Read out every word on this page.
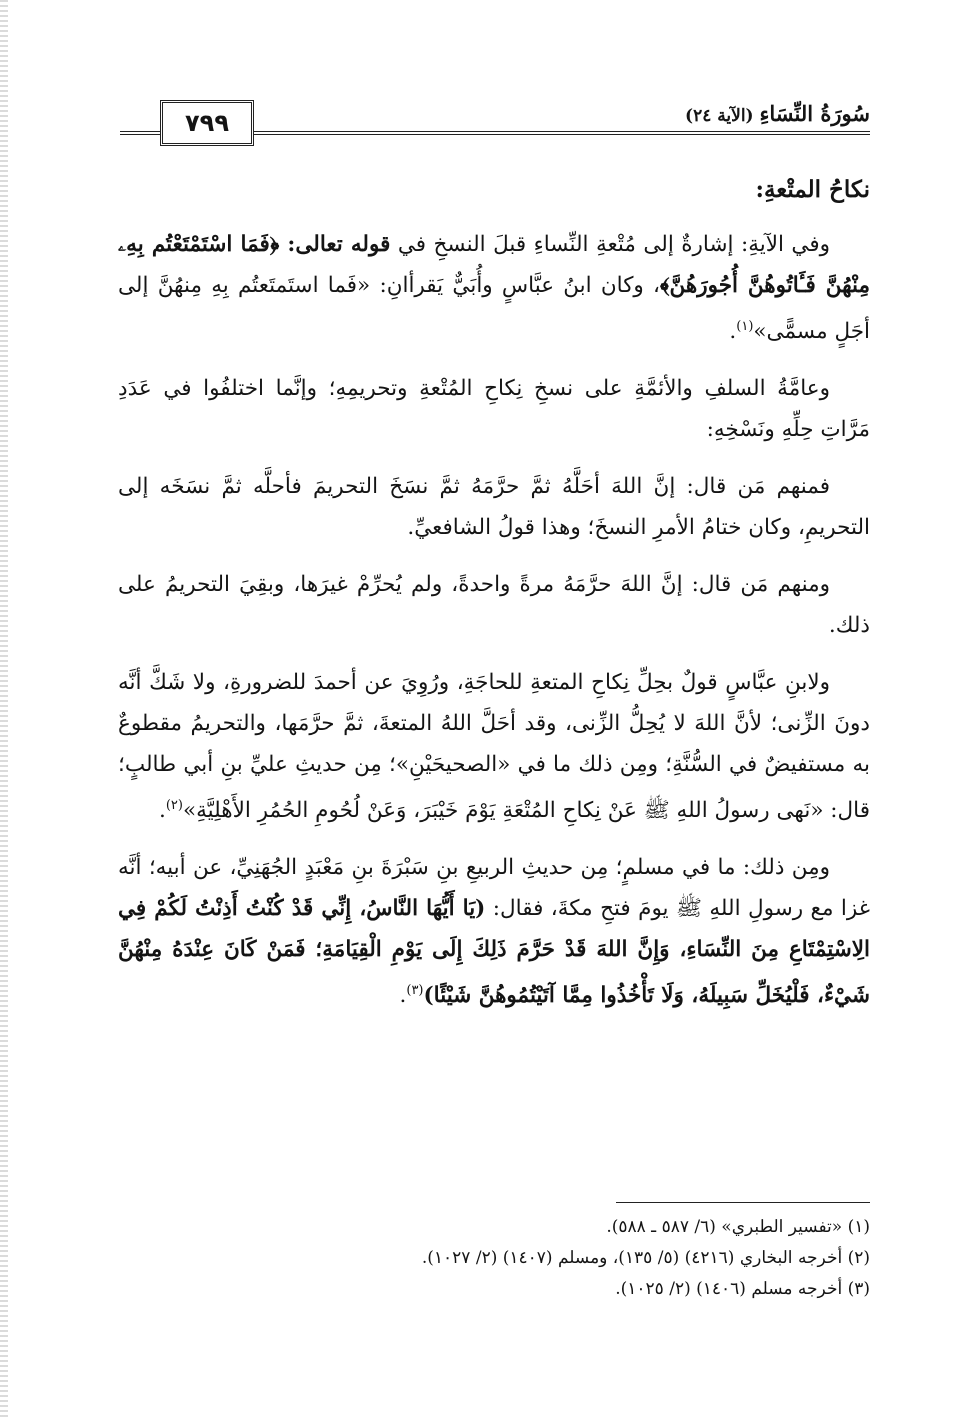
٧٩٩	سُورَةُ النِّسَاءِ (الآية ٢٤)
نكاحُ المتْعةِ:

وفي الآيةِ: إشارةٌ إلى مُتْعةِ النِّساءِ قبلَ النسخِ في قوله تعالى: ﴿فَمَا اسْتَمْتَعْتُم بِهِۦ مِنْهُنَّ فَـَٔاتُوهُنَّ أُجُورَهُنَّ﴾، وكان ابنُ عبَّاسٍ وأُبَيٌّ يَقرأانِ: «فَما استَمتَعتُم بِهِ مِنهُنَّ إلى أجَلٍ مسمًّى»$^{(١)}$.

وعامَّةُ السلفِ والأئمَّةِ على نسخِ نِكاحِ المُتْعةِ وتحريمِهِ؛ وإنَّما اختلفُوا في عَدَدِ مَرَّاتِ حِلِّهِ ونَسْخِهِ:

فمنهم مَن قال: إنَّ اللهَ أحَلَّهُ ثمَّ حرَّمَهُ ثمَّ نسَخَ التحريمَ فأحلَّه ثمَّ نسَخَه إلى التحريمِ، وكان ختامُ الأمرِ النسخَ؛ وهذا قولُ الشافعيِّ.

ومنهم مَن قال: إنَّ اللهَ حرَّمَهُ مرةً واحدةً، ولم يُحرِّمْ غيرَها، وبقِيَ التحريمُ على ذلك.

ولابنِ عبَّاسٍ قولٌ بحِلِّ نِكاحِ المتعةِ للحاجَةِ، ورُوِيَ عن أحمدَ للضرورةِ، ولا شَكَّ أنَّه دونَ الزِّنى؛ لأنَّ اللهَ لا يُحِلُّ الزِّنى، وقد أحَلَّ اللهُ المتعةَ، ثمَّ حرَّمَها، والتحريمُ مقطوعٌ به مستفيضٌ في السُّنَّةِ؛ ومِن ذلك ما في «الصحيحَيْنِ»؛ مِن حديثِ عليِّ بنِ أبي طالبٍ؛ قال: «نَهى رسولُ اللهِ ﷺ عَنْ نِكاحِ المُتْعَةِ يَوْمَ خَيْبَرَ، وَعَنْ لُحُومِ الحُمُرِ الأَهْلِيَّةِ»$^{(٢)}$.

ومِن ذلك: ما في مسلمٍ؛ مِن حديثِ الربيعِ بنِ سَبْرَةَ بنِ مَعْبَدٍ الجُهَنِيِّ، عن أبيه؛ أنَّه غزا مع رسولِ اللهِ ﷺ يومَ فتحِ مكةَ، فقال: (يَا أَيُّهَا النَّاسُ، إِنِّي قَدْ كُنْتُ أَذِنْتُ لَكُمْ فِي الِاسْتِمْتَاعِ مِنَ النِّسَاءِ، وَإِنَّ اللهَ قَدْ حَرَّمَ ذَلِكَ إِلَى يَوْمِ الْقِيَامَةِ؛ فَمَنْ كَانَ عِنْدَهُ مِنْهُنَّ شَيْءٌ، فَلْيُخَلِّ سَبِيلَهُ، وَلَا تَأْخُذُوا مِمَّا آتَيْتُمُوهُنَّ شَيْئًا)$^{(٣)}$.

(١) «تفسير الطبري» (٦/ ٥٨٧ ـ ٥٨٨).
(٢) أخرجه البخاري (٤٢١٦) (٥/ ١٣٥)، ومسلم (١٤٠٧) (٢/ ١٠٢٧).
(٣) أخرجه مسلم (١٤٠٦) (٢/ ١٠٢٥).
